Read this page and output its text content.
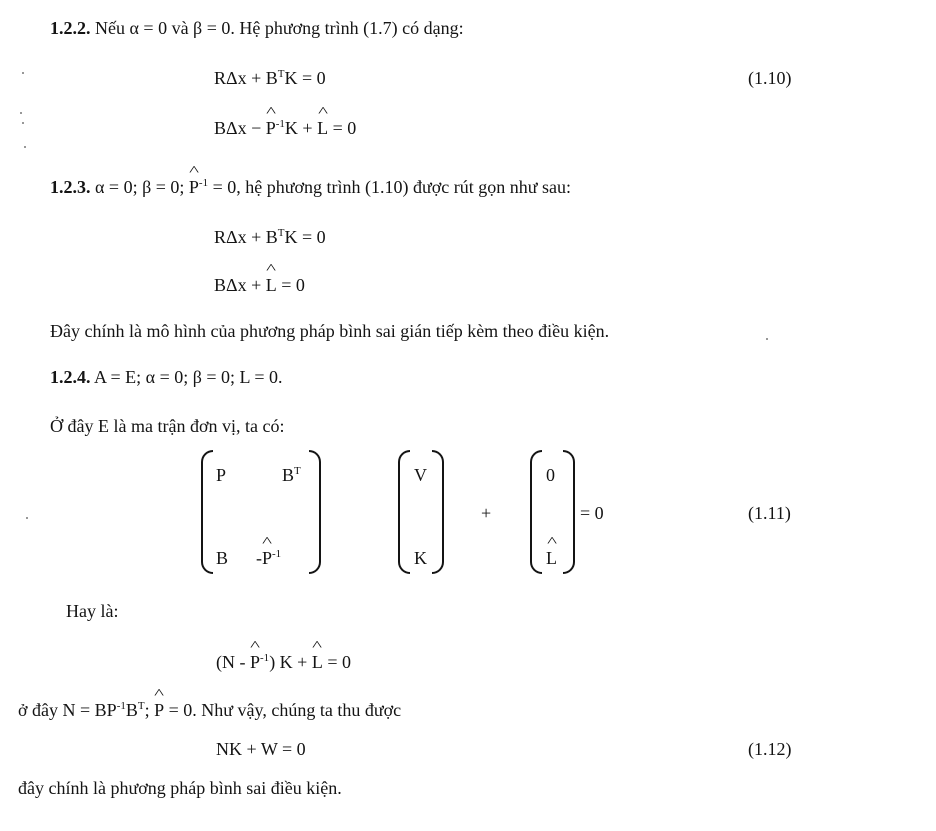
1.2.2. Nếu α = 0 và β = 0. Hệ phương trình (1.7) có dạng:
$R\Delta x + B^TK = 0$	(1.10)
BΔx − ^ $P^{-1}K$ + ^ L = 0
1.2.3. α = 0; β = 0; ^ $P^{-1} = 0$, hệ phương trình (1.10) được rút gọn như sau:
$R\Delta x + B^TK = 0$
BΔx + ^ L = 0
Đây chính là mô hình của phương pháp bình sai gián tiếp kèm theo điều kiện.
1.2.4. A = E; α = 0; β = 0; L = 0.
Ở đây E là ma trận đơn vị, ta có:
P	$B^T$
B -^ $P^{-1}$
V
K
+
0
^ L
= 0	(1.11)
Hay là:
(N - ^ $P^{-1}$) K + ^ L = 0
ở đây $N = BP^{-1}B^T$; ^ P = 0. Như vậy, chúng ta thu được
NK + W = 0	(1.12)
đây chính là phương pháp bình sai điều kiện.
